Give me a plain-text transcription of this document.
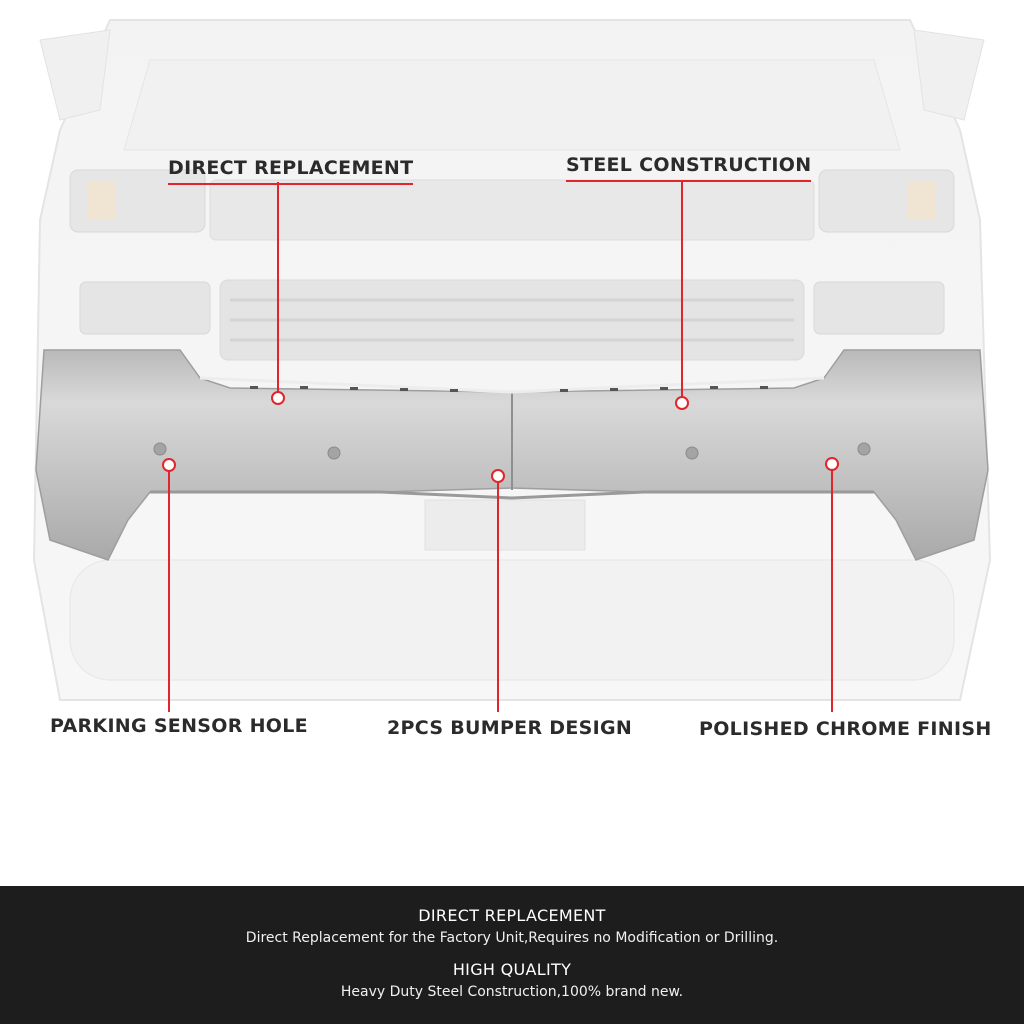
DIRECT REPLACEMENT	STEEL CONSTRUCTION
PARKING SENSOR HOLE	2PCS BUMPER DESIGN	POLISHED CHROME FINISH
DIRECT REPLACEMENT
Direct Replacement for the Factory Unit,Requires no Modification or Drilling.
HIGH QUALITY
Heavy Duty Steel Construction,100% brand new.
